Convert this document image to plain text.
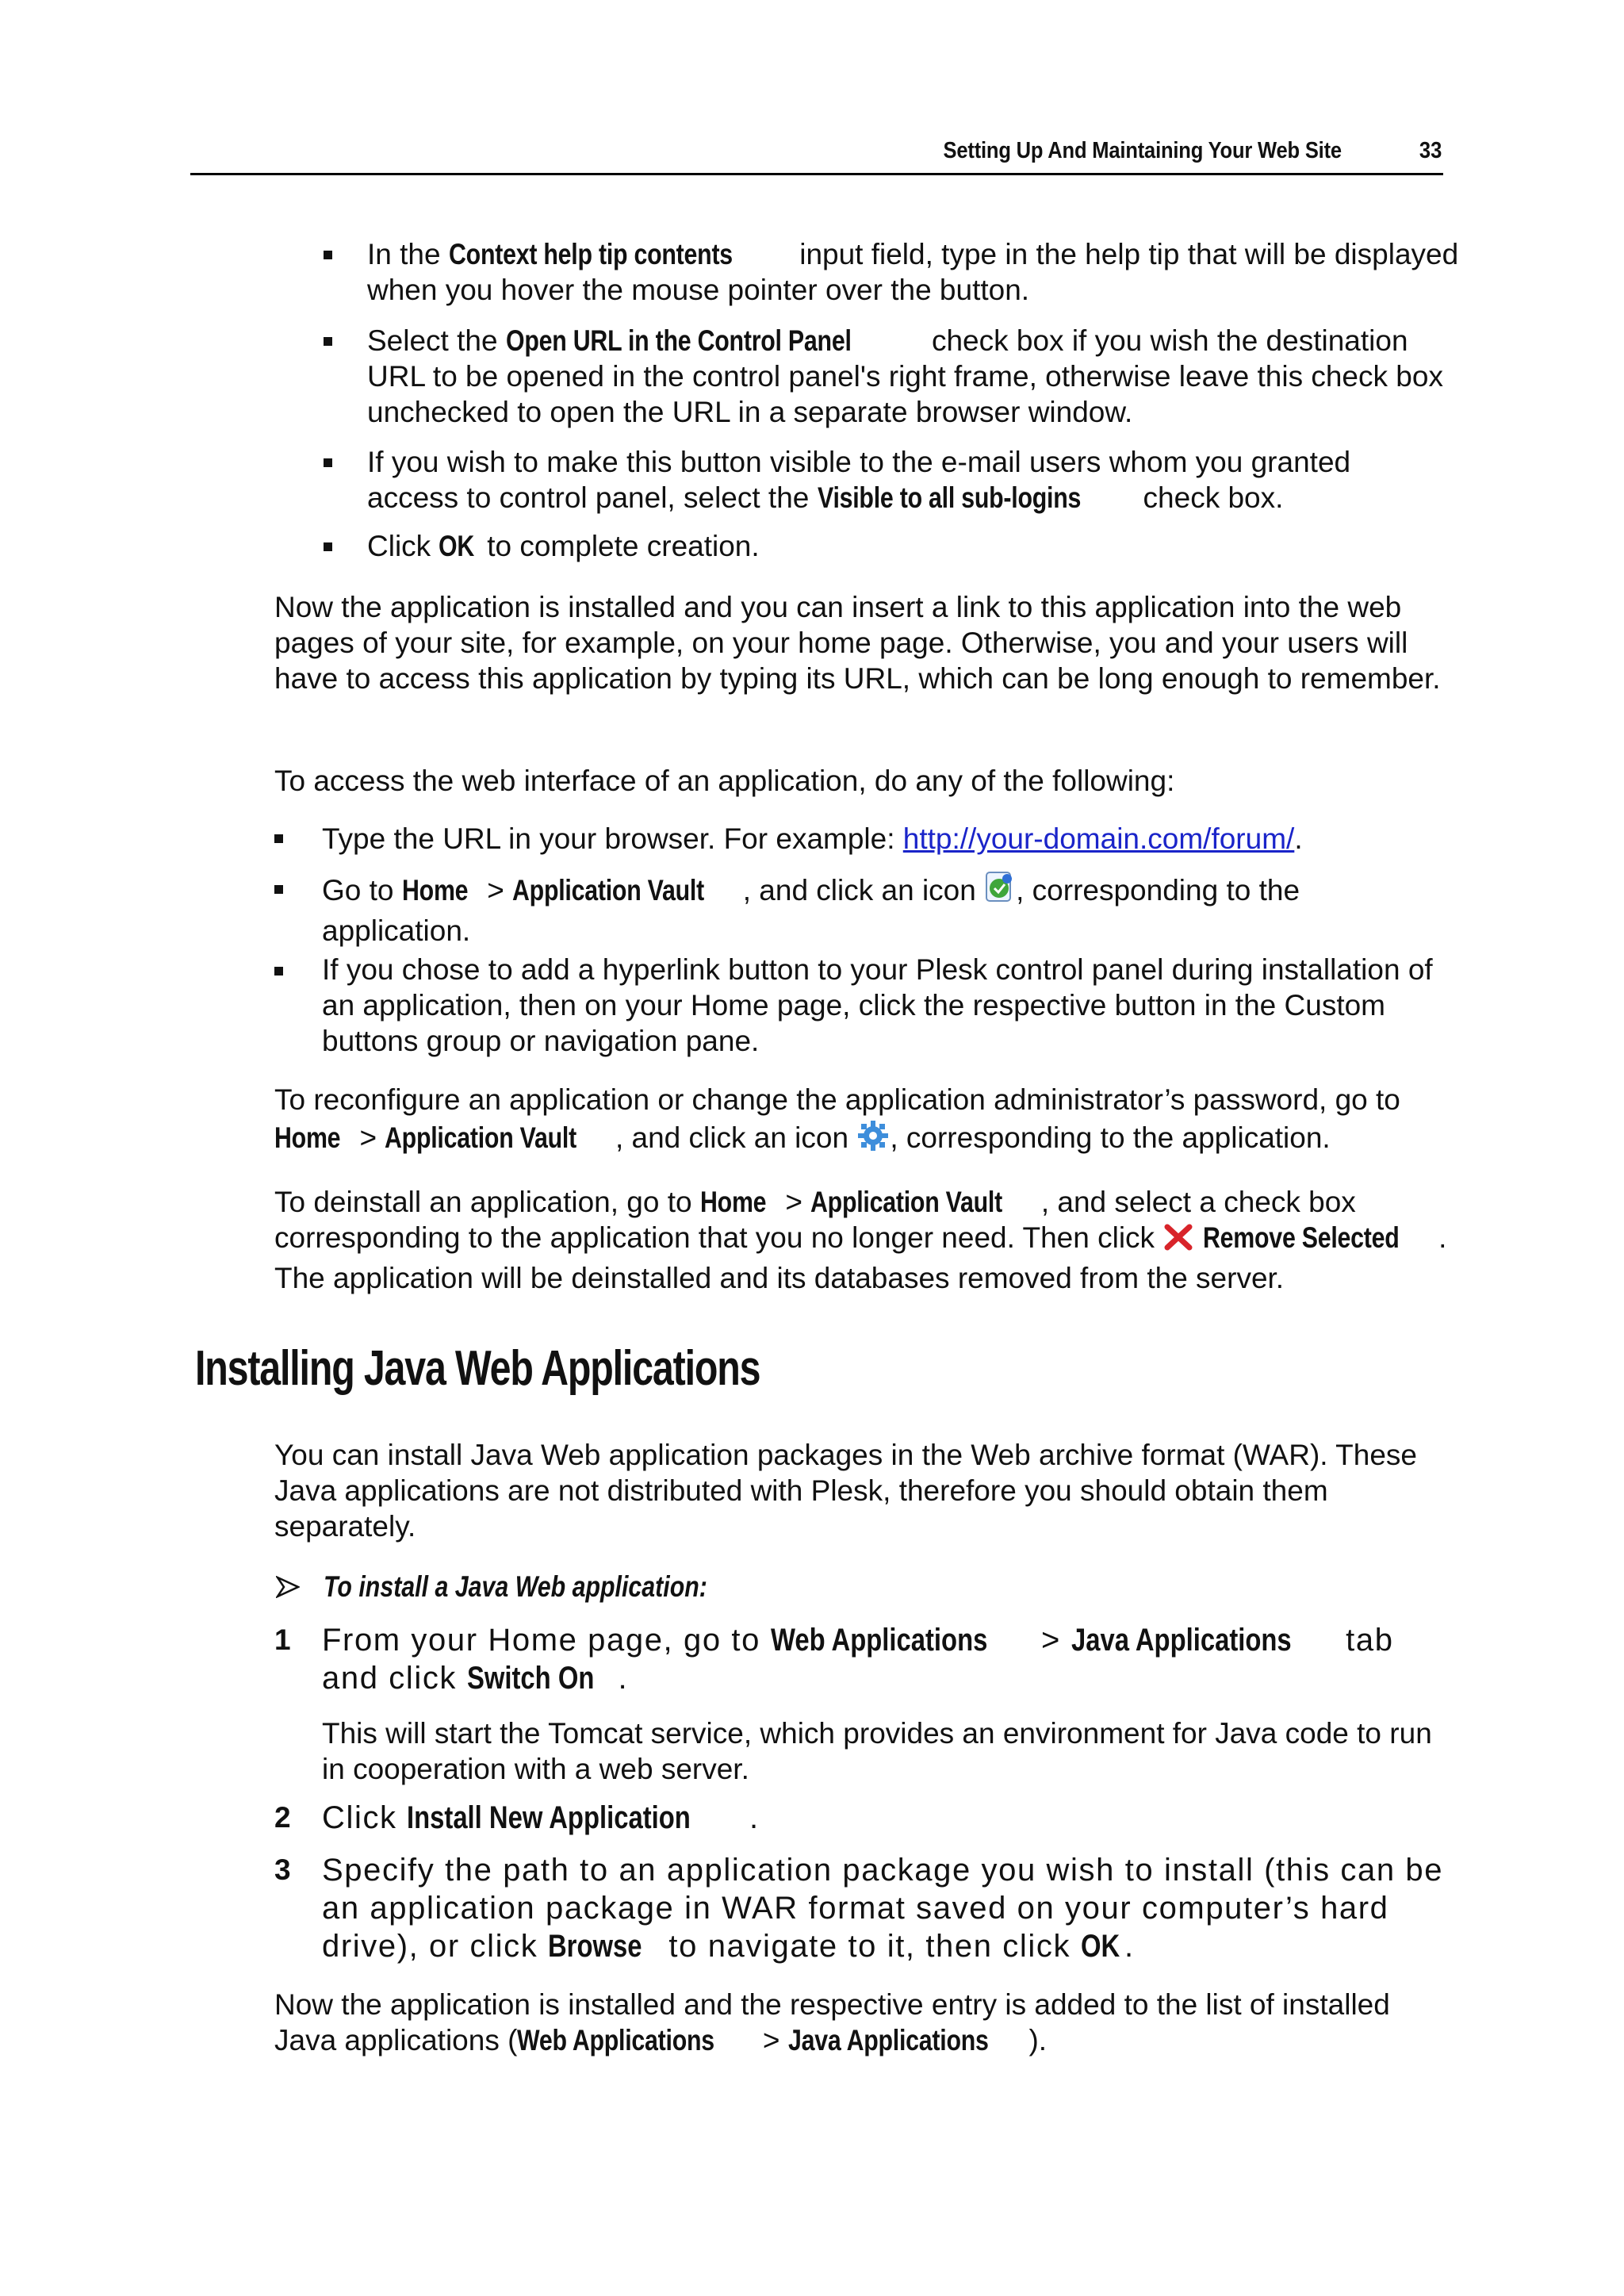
Setting Up And Maintaining Your Web Site	33
In the Context help tip contents input field, type in the help tip that will be displayed when you hover the mouse pointer over the button.
Select the Open URL in the Control Panel check box if you wish the destination URL to be opened in the control panel's right frame, otherwise leave this check box unchecked to open the URL in a separate browser window.
If you wish to make this button visible to the e-mail users whom you granted access to control panel, select the Visible to all sub-logins check box.
Click OK to complete creation.

Now the application is installed and you can insert a link to this application into the web pages of your site, for example, on your home page. Otherwise, you and your users will have to access this application by typing its URL, which can be long enough to remember.

To access the web interface of an application, do any of the following:

Type the URL in your browser. For example: http://your-domain.com/forum/.
Go to Home > Application Vault , and click an icon , corresponding to the application.
If you chose to add a hyperlink button to your Plesk control panel during installation of an application, then on your Home page, click the respective button in the Custom buttons group or navigation pane.
To reconfigure an application or change the application administrator’s password, go to Home > Application Vault , and click an icon , corresponding to the application.
To deinstall an application, go to Home > Application Vault , and select a check box corresponding to the application that you no longer need. Then click  Remove Selected . The application will be deinstalled and its databases removed from the server.
Installing Java Web Applications

You can install Java Web application packages in the Web archive format (WAR). These Java applications are not distributed with Plesk, therefore you should obtain them separately.

To install a Java Web application:
1 From your Home page, go to Web Applications > Java Applications tab and click Switch On .

This will start the Tomcat service, which provides an environment for Java code to run in cooperation with a web server.

2 Click Install New Application .
3 Specify the path to an application package you wish to install (this can be an application package in WAR format saved on your computer’s hard drive), or click Browse to navigate to it, then click OK .
Now the application is installed and the respective entry is added to the list of installed Java applications (Web Applications > Java Applications ).
